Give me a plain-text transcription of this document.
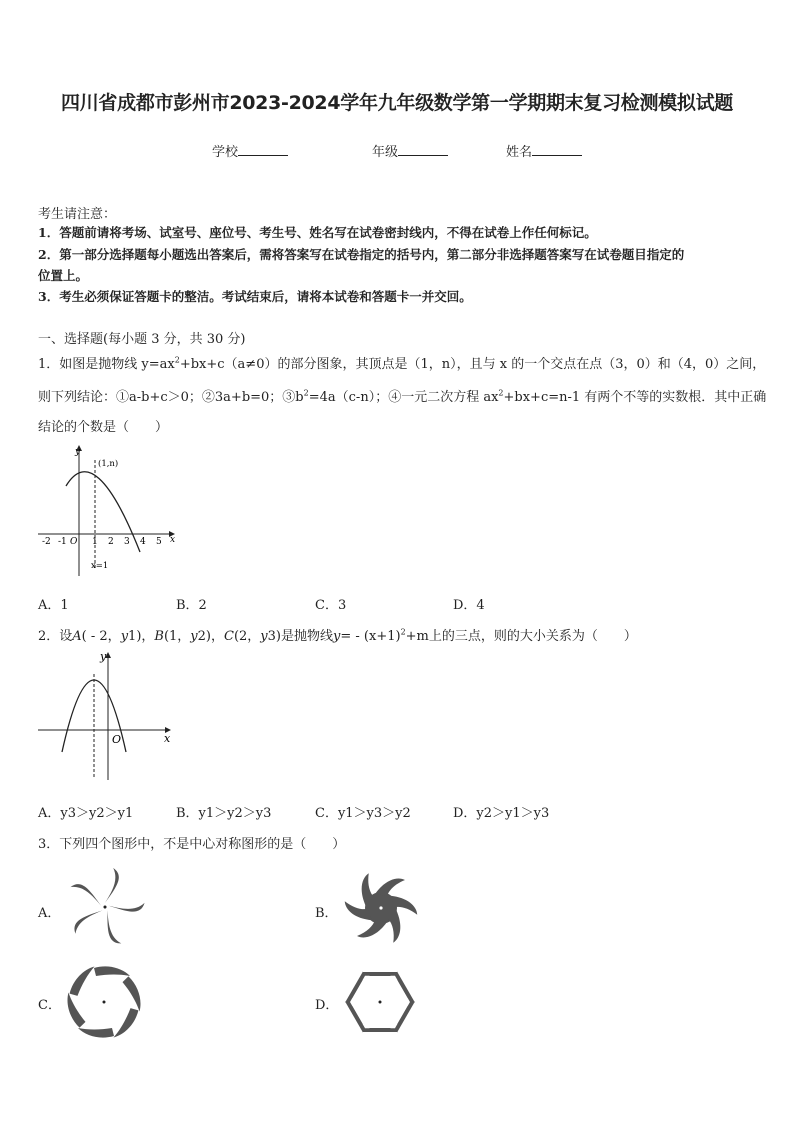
四川省成都市彭州市2023-2024学年九年级数学第一学期期末复习检测模拟试题
学校	年级	姓名
考生请注意：
1．答题前请将考场、试室号、座位号、考生号、姓名写在试卷密封线内，不得在试卷上作任何标记。
2．第一部分选择题每小题选出答案后，需将答案写在试卷指定的括号内，第二部分非选择题答案写在试卷题目指定的
位置上。
3．考生必须保证答题卡的整洁。考试结束后，请将本试卷和答题卡一并交回。
一、选择题(每小题 3 分，共 30 分)
1．如图是抛物线 $y=ax^2+bx+c(a\ne 0)$的部分图象，其顶点是（1，n），且与 x 的一个交点在点（3，0）和（4，0）之间，
则下列结论：①a-b+c＞0；②3a+b=0；$③b^2=4a(c-n)$；④一元二次方程 $ax^2+bx+c=n-1$ 有两个不等的实数根．其中正确
结论的个数是（　　）
y
x
(1,n)
x=1
-2 -1 O 1 2 3 4 5
A．1	B．2	C．3	D．4
2．设A( - 2，y1)，B(1，y2)，C(2，y3)是抛物线$y= - (x+1)^2+m$上的三点，则的大小关系为（　　）
y
x
O
A．y3＞y2＞y1	B．y1＞y2＞y3	C．y1＞y3＞y2	D．y2＞y1＞y3
3．下列四个图形中，不是中心对称图形的是（　　）
A．	B．
C．	D．
